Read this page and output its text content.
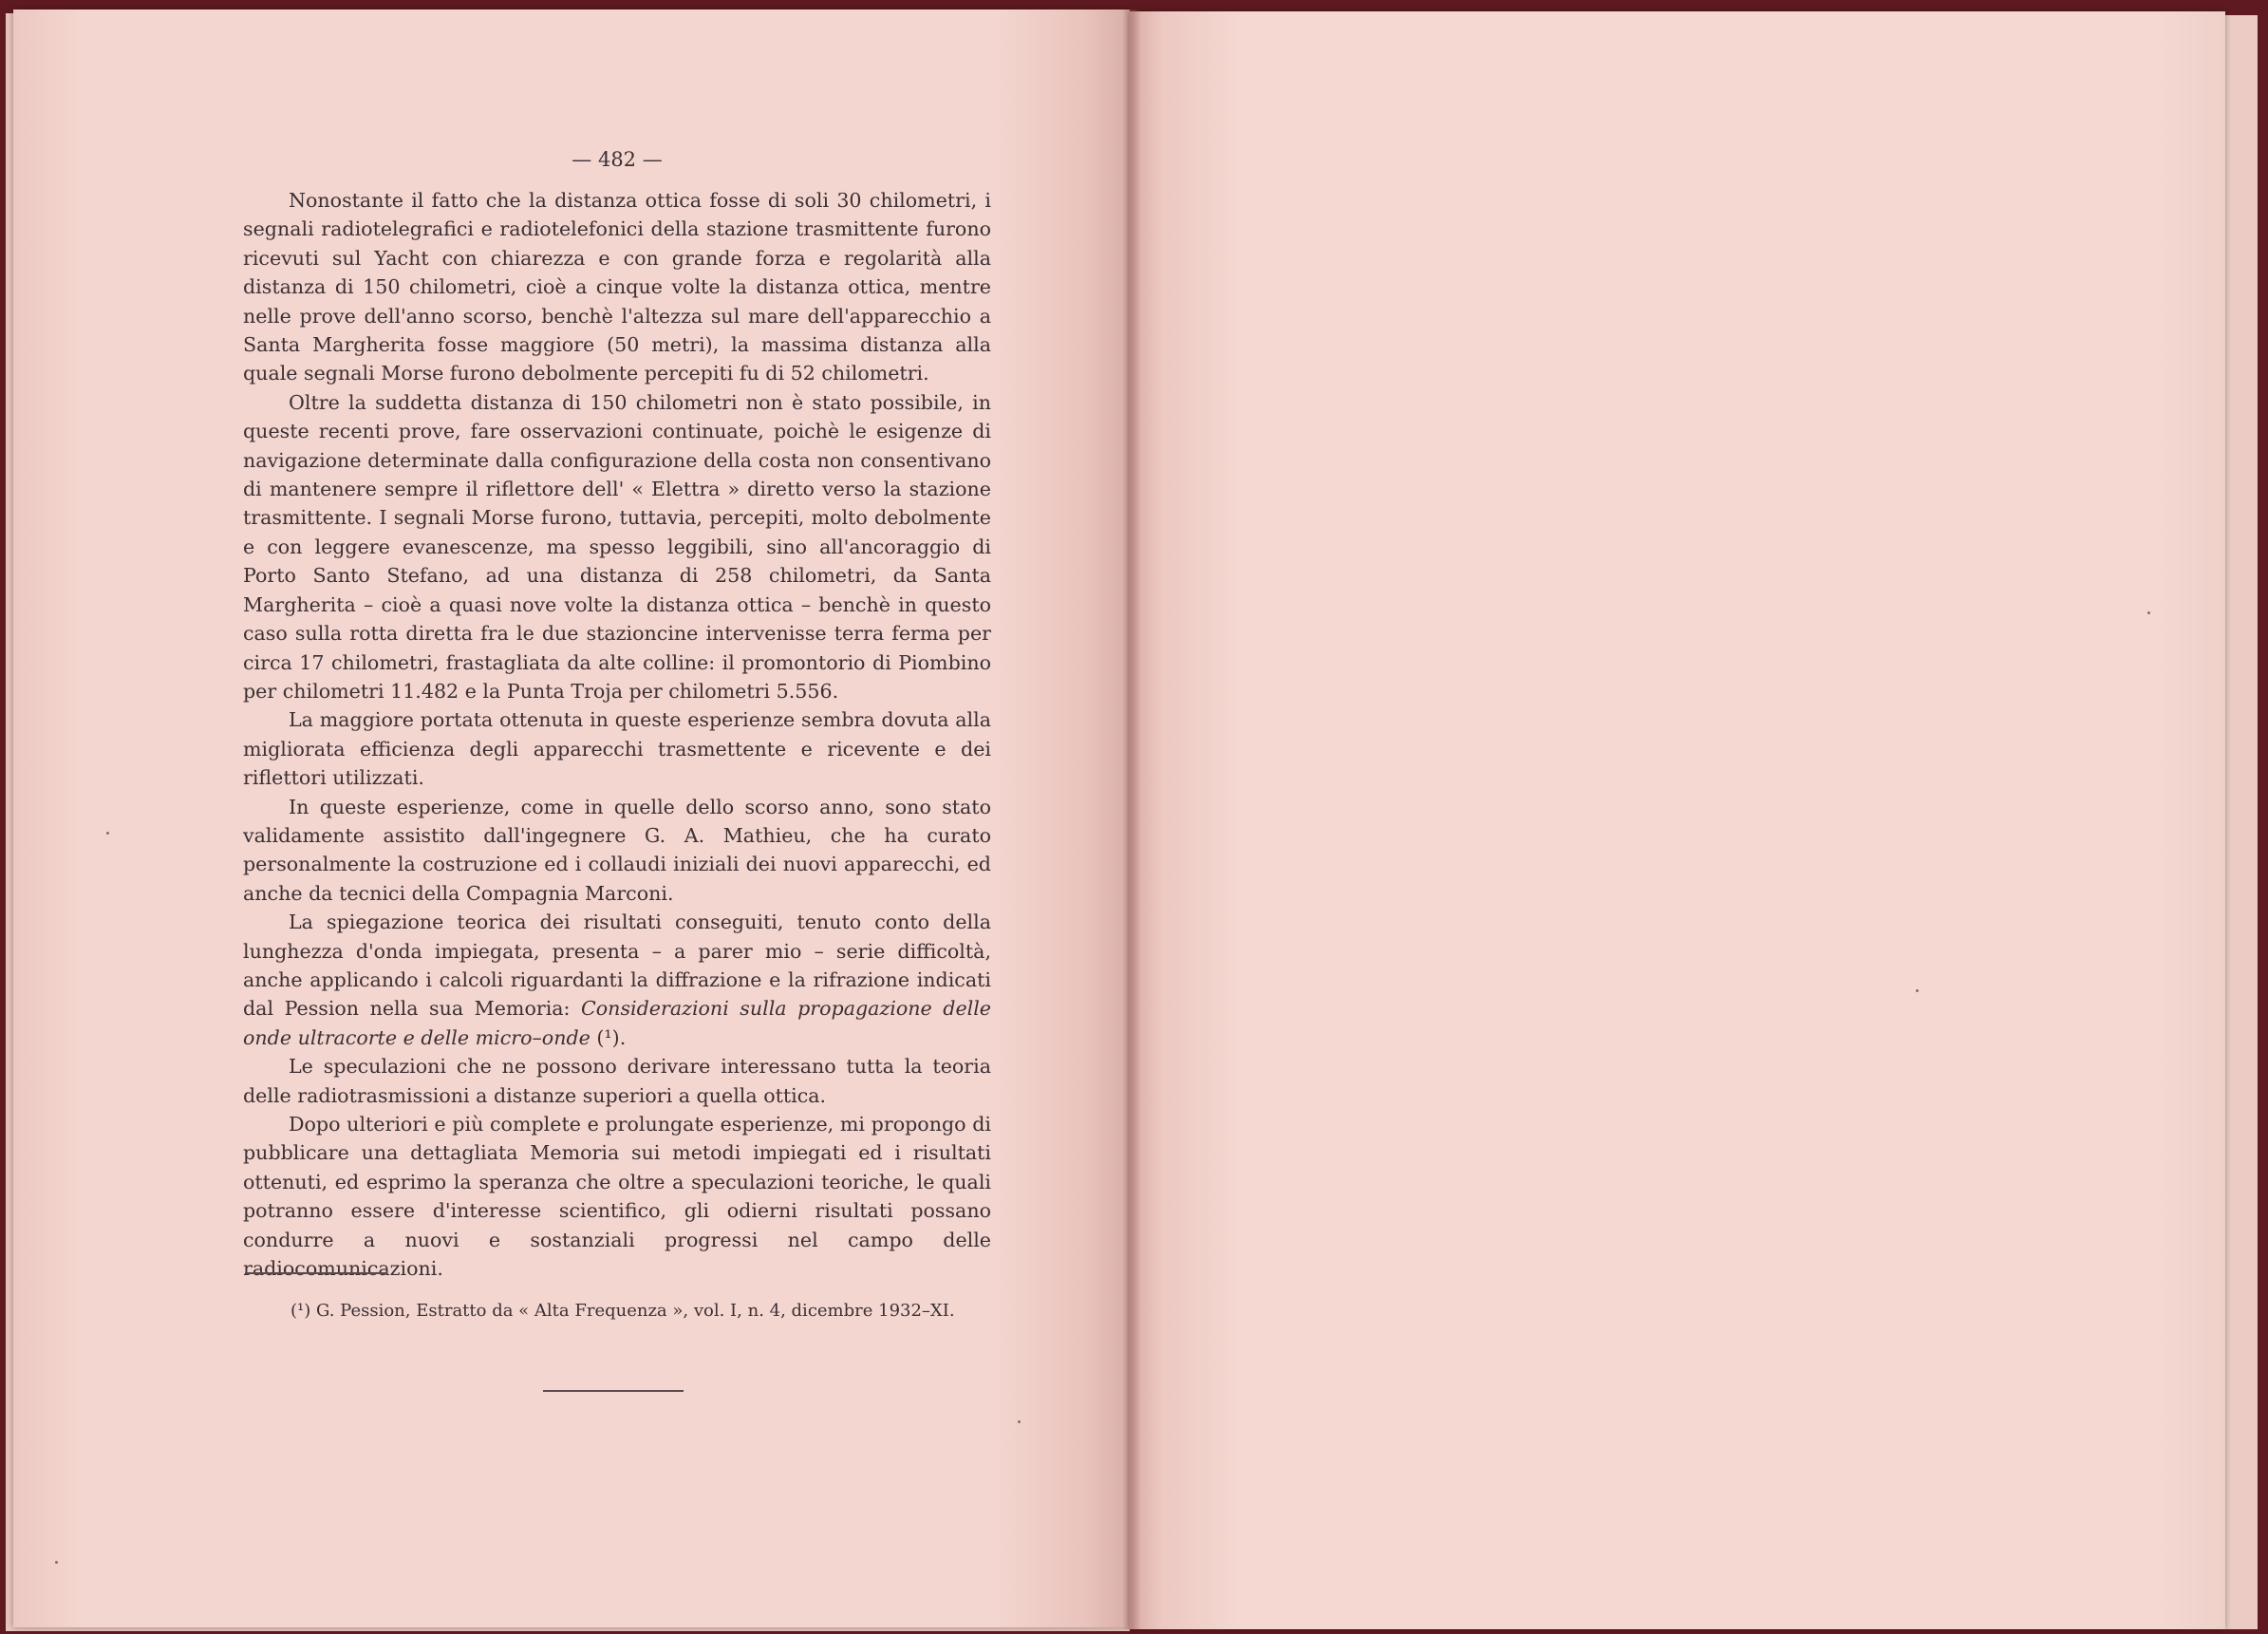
— 482 —

Nonostante il fatto che la distanza ottica fosse di soli 30 chilometri, i segnali radiotelegrafici e radiotelefonici della stazione trasmittente furono ricevuti sul Yacht con chiarezza e con grande forza e regolarità alla distanza di 150 chilometri, cioè a cinque volte la distanza ottica, mentre nelle prove dell'anno scorso, benchè l'altezza sul mare dell'apparecchio a Santa Margherita fosse maggiore (50 metri), la massima distanza alla quale segnali Morse furono debolmente percepiti fu di 52 chilometri.

Oltre la suddetta distanza di 150 chilometri non è stato possibile, in queste recenti prove, fare osservazioni continuate, poichè le esigenze di navigazione determinate dalla configurazione della costa non consentivano di mantenere sempre il riflettore dell' « Elettra » diretto verso la stazione trasmittente. I segnali Morse furono, tuttavia, percepiti, molto debolmente e con leggere evanescenze, ma spesso leggibili, sino all'ancoraggio di Porto Santo Stefano, ad una distanza di 258 chilometri, da Santa Margherita – cioè a quasi nove volte la distanza ottica – benchè in questo caso sulla rotta diretta fra le due stazioncine intervenisse terra ferma per circa 17 chilometri, frastagliata da alte colline: il promontorio di Piombino per chilometri 11.482 e la Punta Troja per chilometri 5.556.

La maggiore portata ottenuta in queste esperienze sembra dovuta alla migliorata efficienza degli apparecchi trasmettente e ricevente e dei riflettori utilizzati.

In queste esperienze, come in quelle dello scorso anno, sono stato validamente assistito dall'ingegnere G. A. Mathieu, che ha curato personalmente la costruzione ed i collaudi iniziali dei nuovi apparecchi, ed anche da tecnici della Compagnia Marconi.

La spiegazione teorica dei risultati conseguiti, tenuto conto della lunghezza d'onda impiegata, presenta – a parer mio – serie difficoltà, anche applicando i calcoli riguardanti la diffrazione e la rifrazione indicati dal Pession nella sua Memoria: Considerazioni sulla propagazione delle onde ultracorte e delle micro–onde (¹).

Le speculazioni che ne possono derivare interessano tutta la teoria delle radiotrasmissioni a distanze superiori a quella ottica.

Dopo ulteriori e più complete e prolungate esperienze, mi propongo di pubblicare una dettagliata Memoria sui metodi impiegati ed i risultati ottenuti, ed esprimo la speranza che oltre a speculazioni teoriche, le quali potranno essere d'interesse scientifico, gli odierni risultati possano condurre a nuovi e sostanziali progressi nel campo delle radiocomunicazioni.

(¹) G. Pession, Estratto da « Alta Frequenza », vol. I, n. 4, dicembre 1932–XI.
